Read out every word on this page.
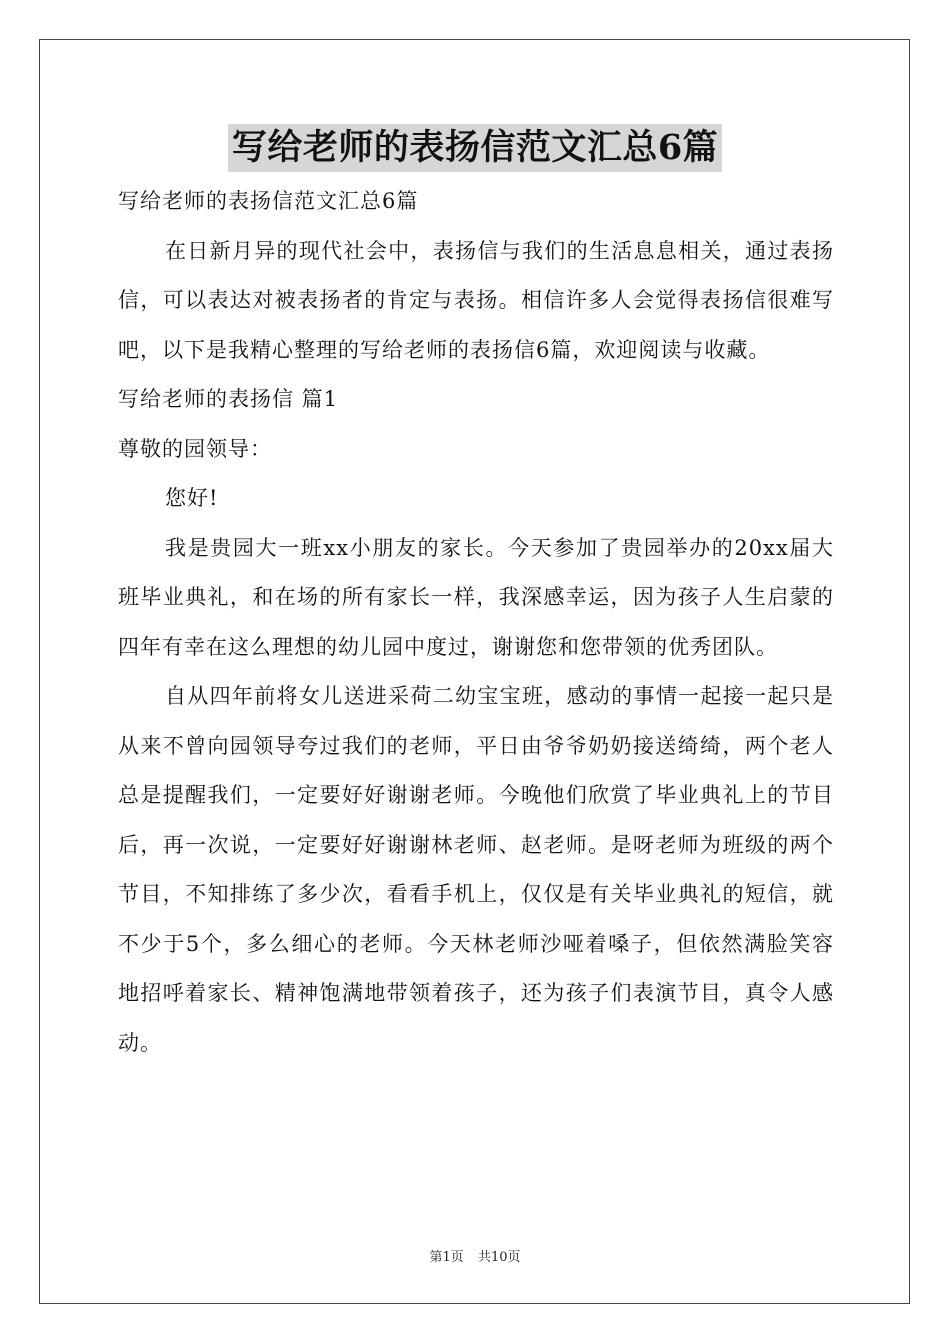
写给老师的表扬信范文汇总6篇

写给老师的表扬信范文汇总6篇

在日新月异的现代社会中，表扬信与我们的生活息息相关，通过表扬信，可以表达对被表扬者的肯定与表扬。相信许多人会觉得表扬信很难写吧，以下是我精心整理的写给老师的表扬信6篇，欢迎阅读与收藏。

写给老师的表扬信 篇1

尊敬的园领导：

您好!

我是贵园大一班xx小朋友的家长。今天参加了贵园举办的20xx届大班毕业典礼，和在场的所有家长一样，我深感幸运，因为孩子人生启蒙的四年有幸在这么理想的幼儿园中度过，谢谢您和您带领的优秀团队。

自从四年前将女儿送进采荷二幼宝宝班，感动的事情一起接一起只是从来不曾向园领导夸过我们的老师，平日由爷爷奶奶接送绮绮，两个老人总是提醒我们，一定要好好谢谢老师。今晚他们欣赏了毕业典礼上的节目后，再一次说，一定要好好谢谢林老师、赵老师。是呀老师为班级的两个节目，不知排练了多少次，看看手机上，仅仅是有关毕业典礼的短信，就不少于5个，多么细心的老师。今天林老师沙哑着嗓子，但依然满脸笑容地招呼着家长、精神饱满地带领着孩子，还为孩子们表演节目，真令人感动。

第1页 共10页
